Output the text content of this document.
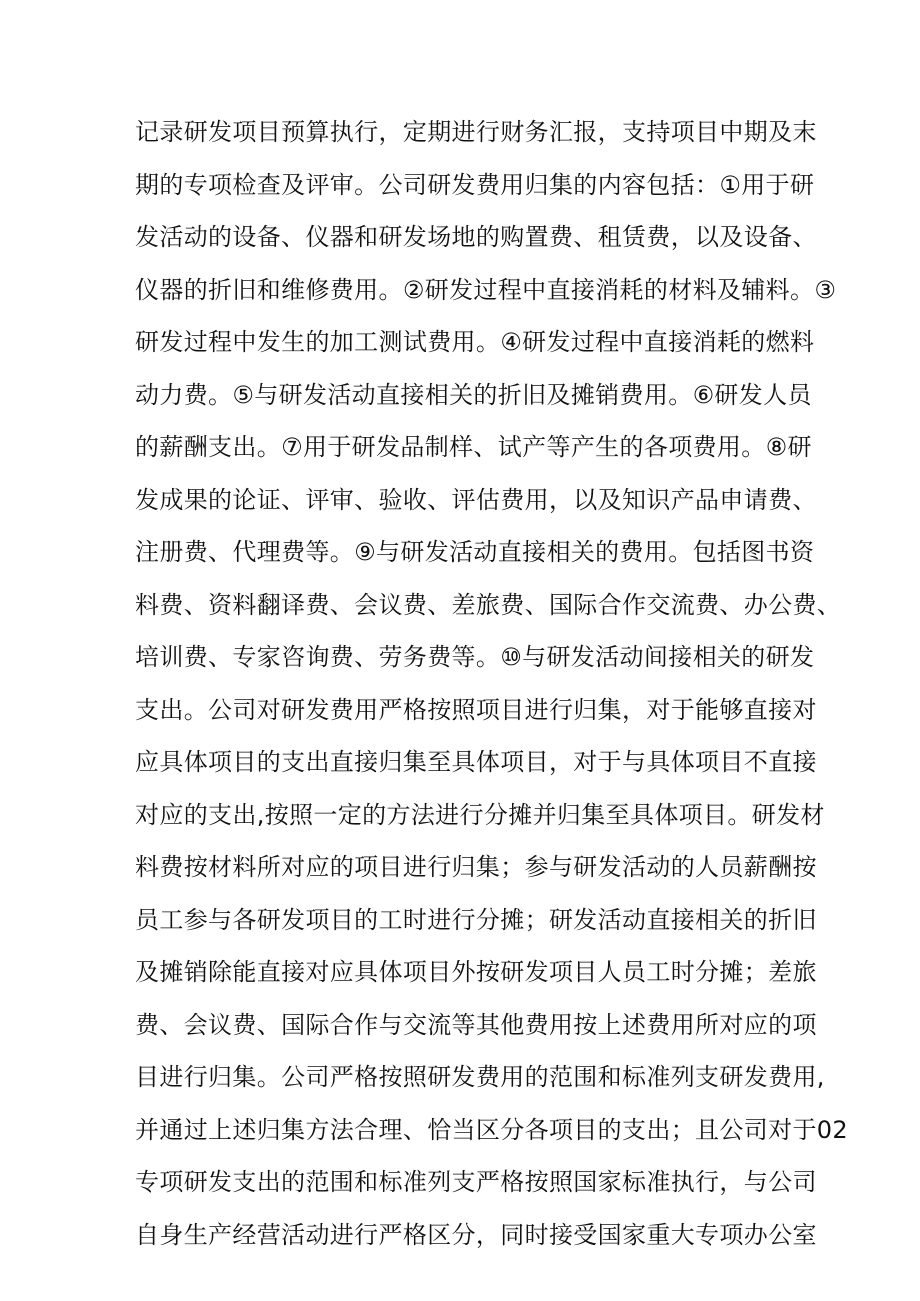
记录研发项目预算执行，定期进行财务汇报，支持项目中期及末
期的专项检查及评审。公司研发费用归集的内容包括：①用于研
发活动的设备、仪器和研发场地的购置费、租赁费，以及设备、
仪器的折旧和维修费用。②研发过程中直接消耗的材料及辅料。③
研发过程中发生的加工测试费用。④研发过程中直接消耗的燃料
动力费。⑤与研发活动直接相关的折旧及摊销费用。⑥研发人员
的薪酬支出。⑦用于研发品制样、试产等产生的各项费用。⑧研
发成果的论证、评审、验收、评估费用，以及知识产品申请费、
注册费、代理费等。⑨与研发活动直接相关的费用。包括图书资
料费、资料翻译费、会议费、差旅费、国际合作交流费、办公费、
培训费、专家咨询费、劳务费等。⑩与研发活动间接相关的研发
支出。公司对研发费用严格按照项目进行归集，对于能够直接对
应具体项目的支出直接归集至具体项目，对于与具体项目不直接
对应的支出,按照一定的方法进行分摊并归集至具体项目。研发材
料费按材料所对应的项目进行归集；参与研发活动的人员薪酬按
员工参与各研发项目的工时进行分摊；研发活动直接相关的折旧
及摊销除能直接对应具体项目外按研发项目人员工时分摊；差旅
费、会议费、国际合作与交流等其他费用按上述费用所对应的项
目进行归集。公司严格按照研发费用的范围和标准列支研发费用,
并通过上述归集方法合理、恰当区分各项目的支出；且公司对于02
专项研发支出的范围和标准列支严格按照国家标准执行，与公司
自身生产经营活动进行严格区分，同时接受国家重大专项办公室
